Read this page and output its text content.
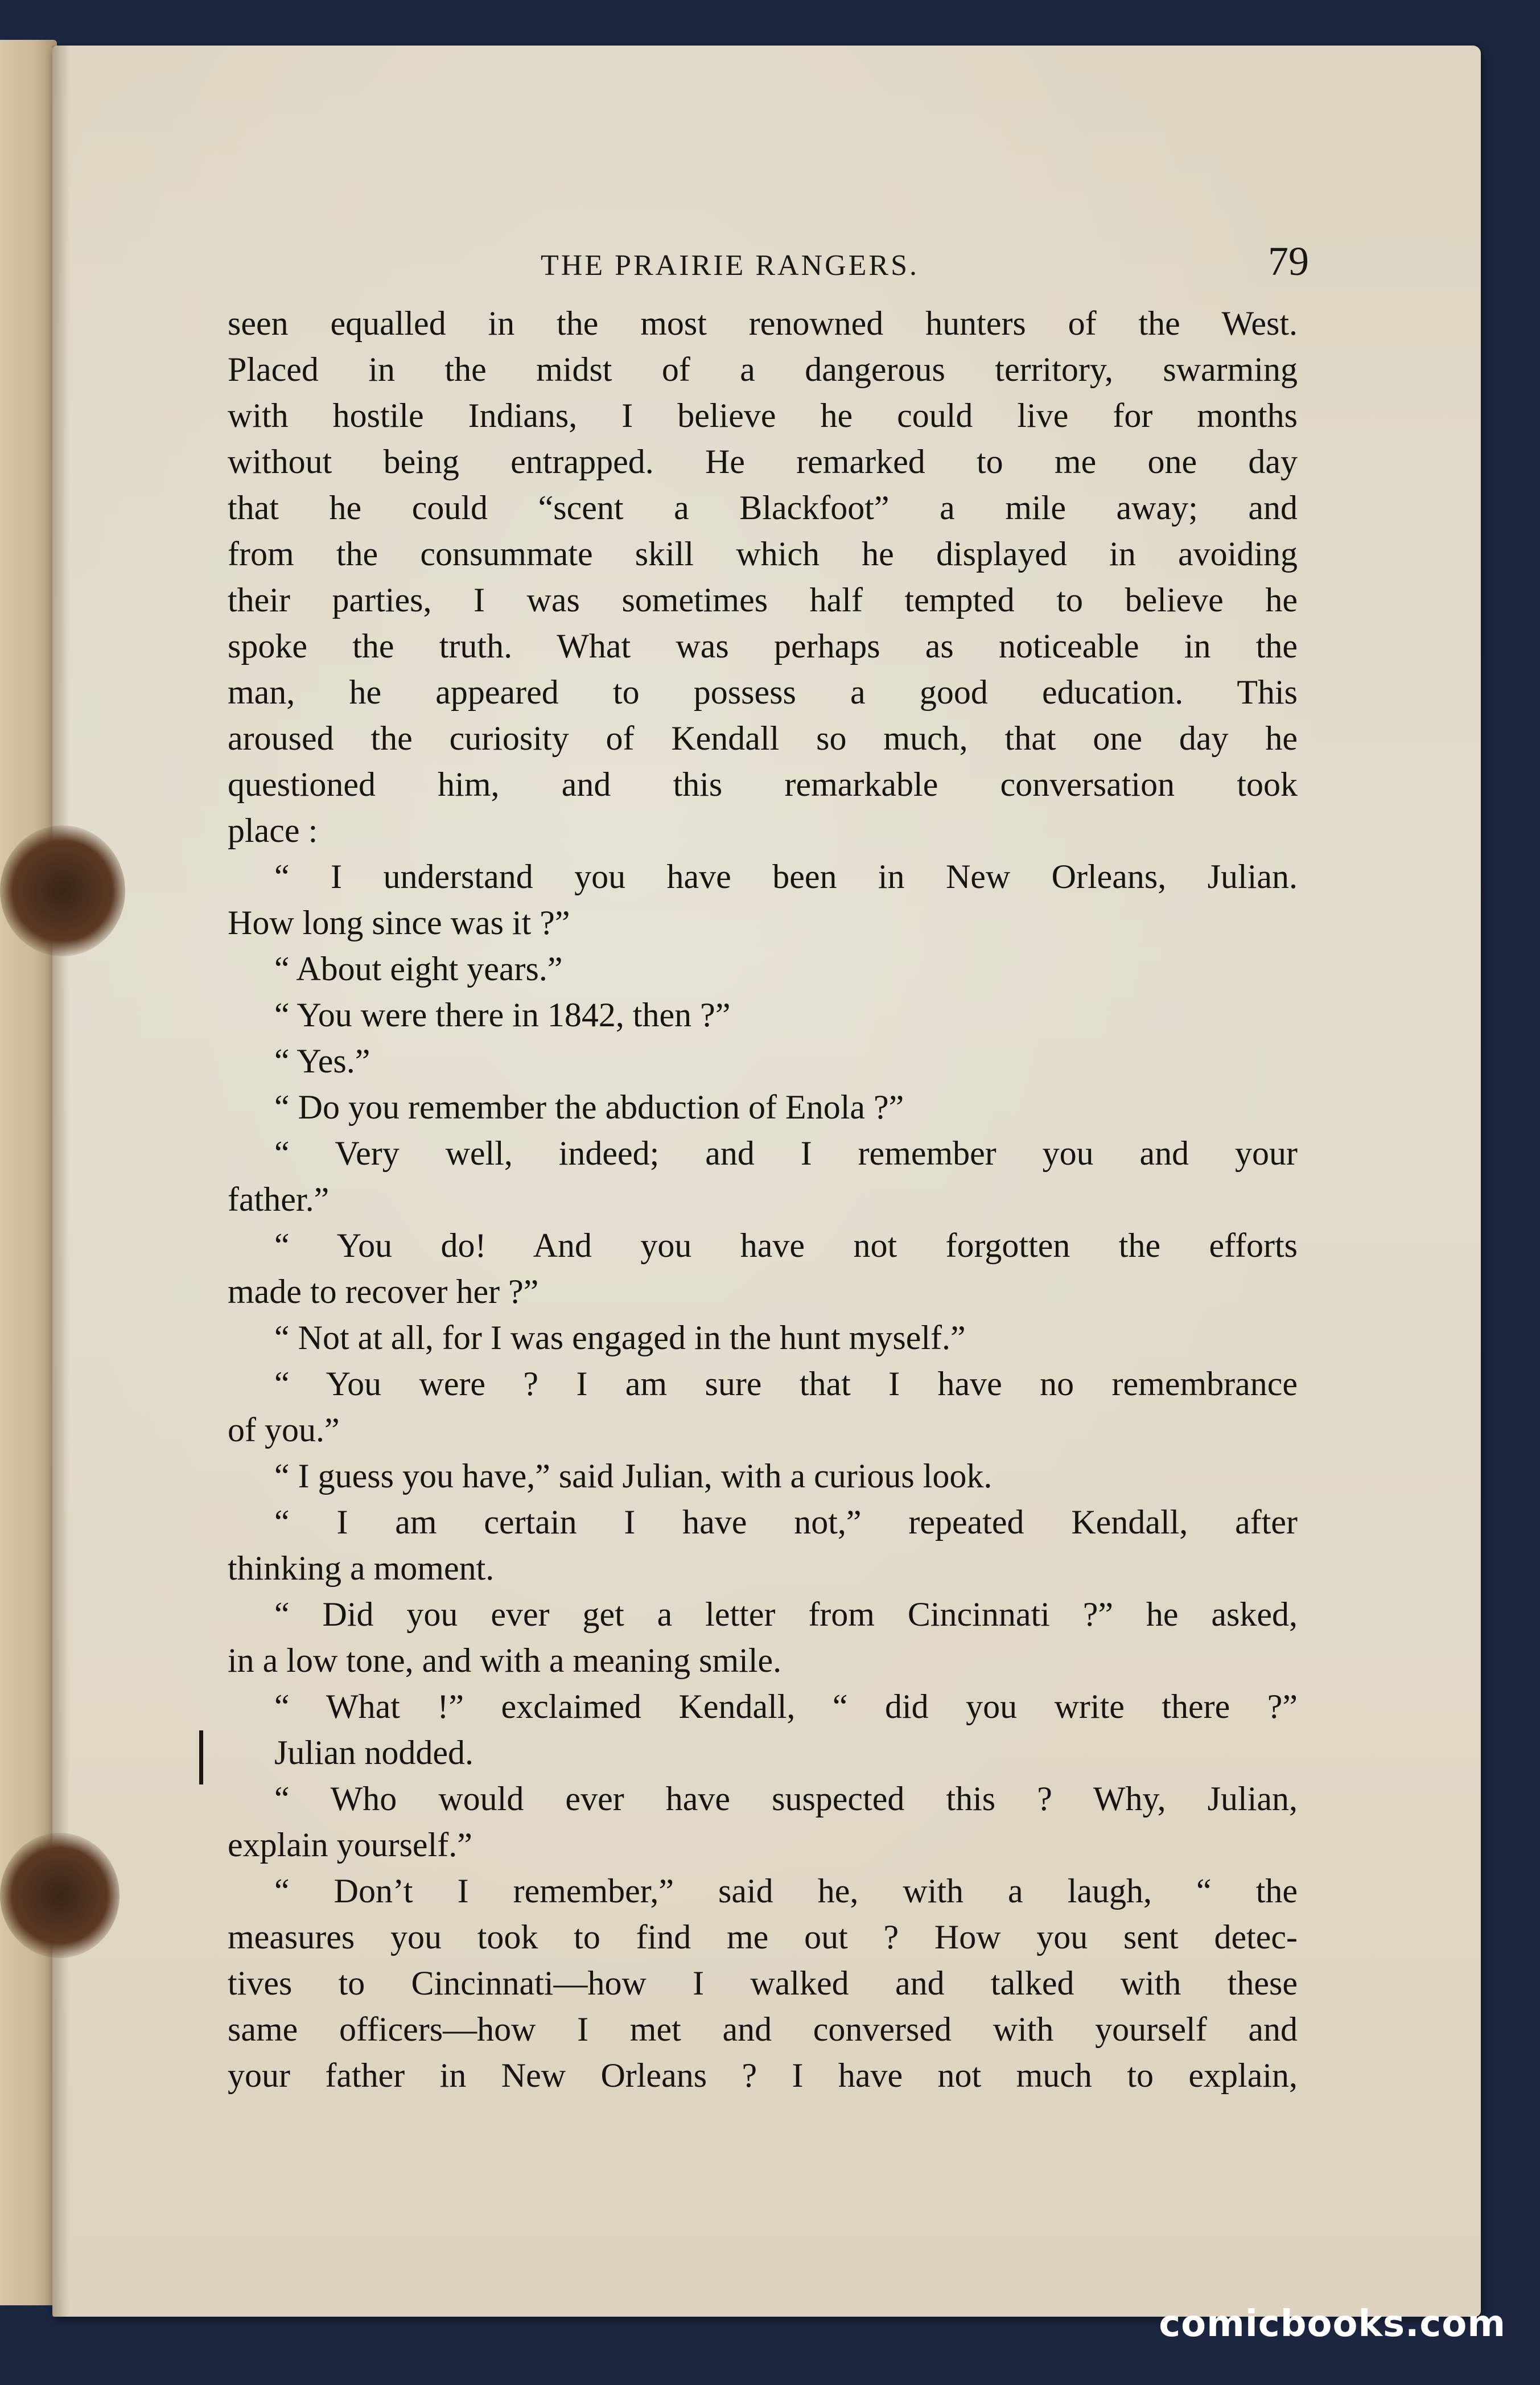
THE PRAIRIE RANGERS.	79
seen equalled in the most renowned hunters of the West.
Placed in the midst of a dangerous territory, swarming
with hostile Indians, I believe he could live for months
without being entrapped. He remarked to me one day
that he could “scent a Blackfoot” a mile away; and
from the consummate skill which he displayed in avoiding
their parties, I was sometimes half tempted to believe he
spoke the truth. What was perhaps as noticeable in the
man, he appeared to possess a good education. This
aroused the curiosity of Kendall so much, that one day he
questioned him, and this remarkable conversation took
place :
“ I understand you have been in New Orleans, Julian.
How long since was it ?”
“ About eight years.”
“ You were there in 1842, then ?”
“ Yes.”
“ Do you remember the abduction of Enola ?”
“ Very well, indeed; and I remember you and your
father.”
“ You do! And you have not forgotten the efforts
made to recover her ?”
“ Not at all, for I was engaged in the hunt myself.”
“ You were ? I am sure that I have no remembrance
of you.”
“ I guess you have,” said Julian, with a curious look.
“ I am certain I have not,” repeated Kendall, after
thinking a moment.
“ Did you ever get a letter from Cincinnati ?” he asked,
in a low tone, and with a meaning smile.
“ What !” exclaimed Kendall, “ did you write there ?”
Julian nodded.
“ Who would ever have suspected this ? Why, Julian,
explain yourself.”
“ Don’t I remember,” said he, with a laugh, “ the
measures you took to find me out ? How you sent detec-
tives to Cincinnati—how I walked and talked with these
same officers—how I met and conversed with yourself and
your father in New Orleans ? I have not much to explain,
comicbooks.com
